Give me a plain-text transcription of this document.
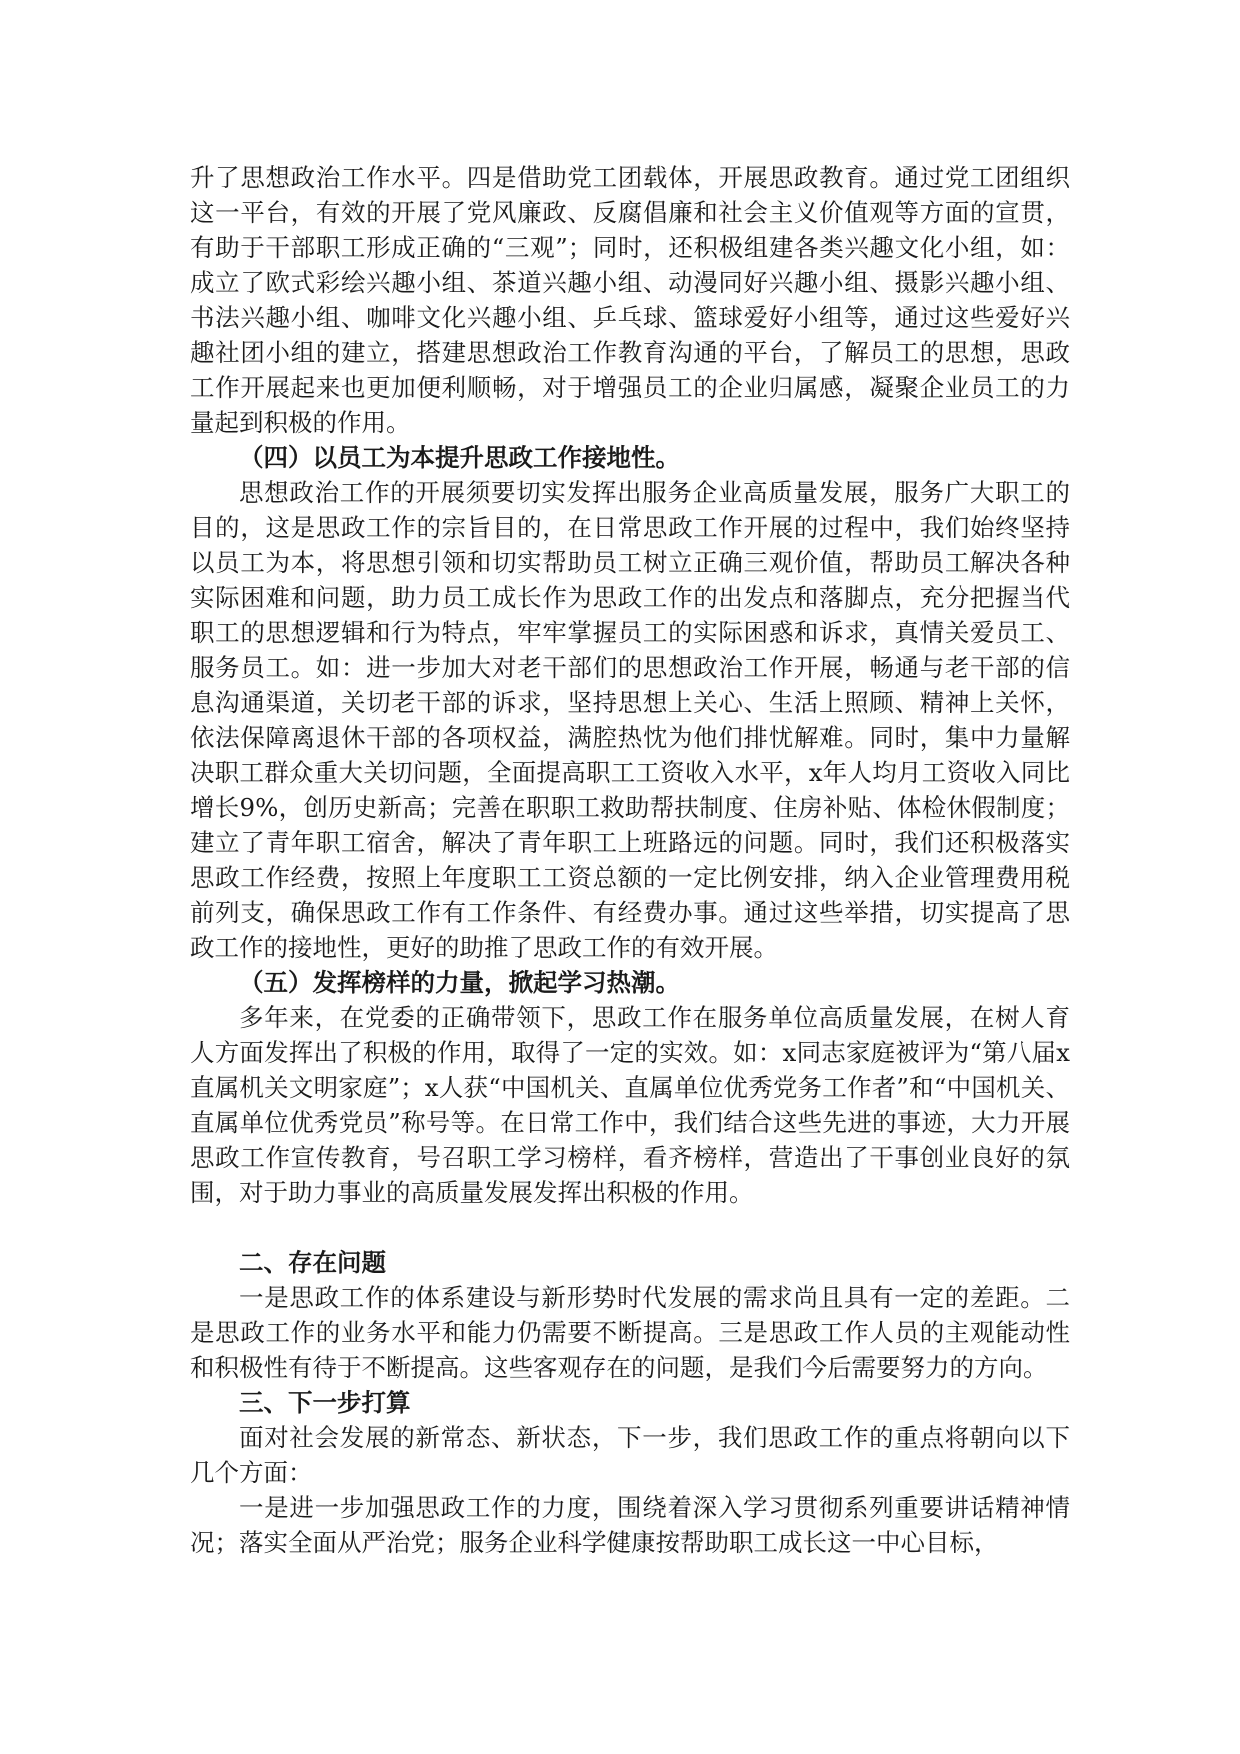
升了思想政治工作水平。四是借助党工团载体，开展思政教育。通过党工团组织这一平台，有效的开展了党风廉政、反腐倡廉和社会主义价值观等方面的宣贯，有助于干部职工形成正确的“三观”；同时，还积极组建各类兴趣文化小组，如：成立了欧式彩绘兴趣小组、茶道兴趣小组、动漫同好兴趣小组、摄影兴趣小组、书法兴趣小组、咖啡文化兴趣小组、乒乓球、篮球爱好小组等，通过这些爱好兴趣社团小组的建立，搭建思想政治工作教育沟通的平台，了解员工的思想，思政工作开展起来也更加便利顺畅，对于增强员工的企业归属感，凝聚企业员工的力量起到积极的作用。

（四）以员工为本提升思政工作接地性。

思想政治工作的开展须要切实发挥出服务企业高质量发展，服务广大职工的目的，这是思政工作的宗旨目的，在日常思政工作开展的过程中，我们始终坚持以员工为本，将思想引领和切实帮助员工树立正确三观价值，帮助员工解决各种实际困难和问题，助力员工成长作为思政工作的出发点和落脚点，充分把握当代职工的思想逻辑和行为特点，牢牢掌握员工的实际困惑和诉求，真情关爱员工、服务员工。如：进一步加大对老干部们的思想政治工作开展，畅通与老干部的信息沟通渠道，关切老干部的诉求，坚持思想上关心、生活上照顾、精神上关怀，依法保障离退休干部的各项权益，满腔热忱为他们排忧解难。同时，集中力量解决职工群众重大关切问题，全面提高职工工资收入水平，x年人均月工资收入同比增长9%，创历史新高；完善在职职工救助帮扶制度、住房补贴、体检休假制度；建立了青年职工宿舍，解决了青年职工上班路远的问题。同时，我们还积极落实思政工作经费，按照上年度职工工资总额的一定比例安排，纳入企业管理费用税前列支，确保思政工作有工作条件、有经费办事。通过这些举措，切实提高了思政工作的接地性，更好的助推了思政工作的有效开展。

（五）发挥榜样的力量，掀起学习热潮。

多年来，在党委的正确带领下，思政工作在服务单位高质量发展，在树人育人方面发挥出了积极的作用，取得了一定的实效。如：x同志家庭被评为“第八届x直属机关文明家庭”；x人获“中国机关、直属单位优秀党务工作者”和“中国机关、直属单位优秀党员”称号等。在日常工作中，我们结合这些先进的事迹，大力开展思政工作宣传教育，号召职工学习榜样，看齐榜样，营造出了干事创业良好的氛围，对于助力事业的高质量发展发挥出积极的作用。

二、存在问题

一是思政工作的体系建设与新形势时代发展的需求尚且具有一定的差距。二是思政工作的业务水平和能力仍需要不断提高。三是思政工作人员的主观能动性和积极性有待于不断提高。这些客观存在的问题，是我们今后需要努力的方向。

三、下一步打算

面对社会发展的新常态、新状态，下一步，我们思政工作的重点将朝向以下几个方面：

一是进一步加强思政工作的力度，围绕着深入学习贯彻系列重要讲话精神情况；落实全面从严治党；服务企业科学健康按帮助职工成长这一中心目标，
